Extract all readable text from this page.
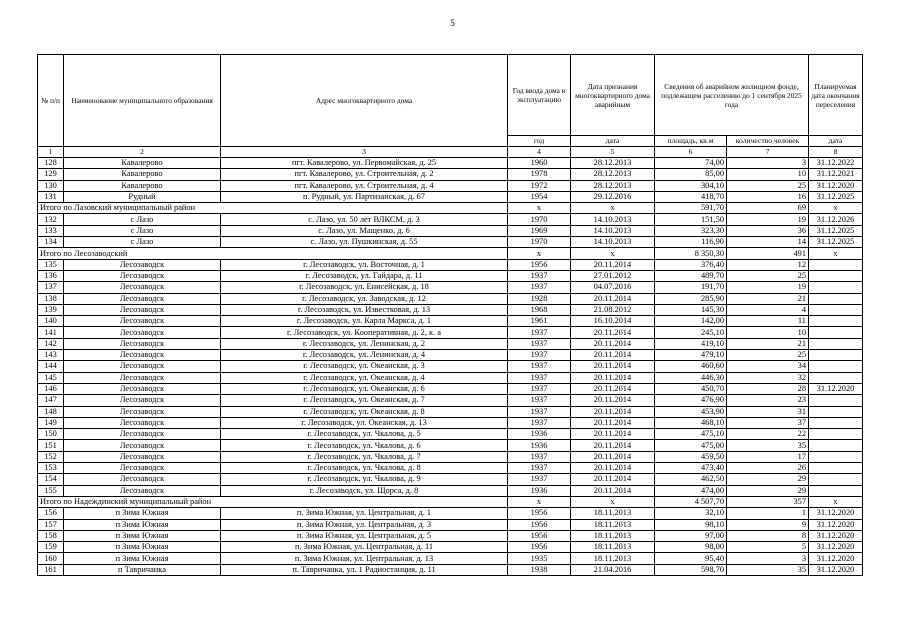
5
№ п/п	Наименование муниципального образования	Адрес многоквартирного дома	Год ввода дома в эксплуатацию	Дата признания многоквартирного дома аварийным	Сведения об аварийном жилищном фонде, подлежащем расселению до 1 сентября 2025 года		Планируемая дата окончания переселения
			год	дата	площадь, кв.м	количество человек	дата
1	2	3	4	5	6	7	8
128	Кавалерово	пгт. Кавалерово, ул. Первомайская, д. 25	1960	28.12.2013	74,00	3	31.12.2022
129	Кавалерово	пгт. Кавалерово, ул. Строительная, д. 2	1978	28.12.2013	85,00	10	31.12.2021
130	Кавалерово	пгт. Кавалерово, ул. Строительная, д. 4	1972	28.12.2013	304,10	25	31.12.2020
131	Рудный	п. Рудный, ул. Партизанская, д. 67	1954	29.12.2016	418,70	16	31.12.2025
Итого по Лазовский муниципальный район			x	x	591,70	69	x
132	с Лазо	с. Лазо, ул. 50 лет ВЛКСМ, д. 3	1970	14.10.2013	151,50	19	31.12.2026
133	с Лазо	с. Лазо, ул. Мащенко, д. 6	1969	14.10.2013	323,30	36	31.12.2025
134	с Лазо	с. Лазо, ул. Пушкинская, д. 55	1970	14.10.2013	116,90	14	31.12.2025
Итого по Лесозаводский			x	x	8 350,30	491	x
135	Лесозаводск	г. Лесозаводск, ул. Восточная, д. 1	1956	20.11.2014	376,40	12	
136	Лесозаводск	г. Лесозаводск, ул. Гайдара, д. 11	1937	27.01.2012	489,70	25	
137	Лесозаводск	г. Лесозаводск, ул. Енисейская, д. 18	1937	04.07.2016	191,70	19	
138	Лесозаводск	г. Лесозаводск, ул. Заводская, д. 12	1928	20.11.2014	285,90	21	
139	Лесозаводск	г. Лесозаводск, ул. Известковая, д. 13	1968	21.08.2012	145,30	4	
140	Лесозаводск	г. Лесозаводск, ул. Карла Маркса, д. 1	1961	16.10.2014	142,00	11	
141	Лесозаводск	г. Лесозаводск, ул. Кооперативная, д. 2, к. а	1937	20.11.2014	245,10	10	
142	Лесозаводск	г. Лесозаводск, ул. Ленинская, д. 2	1937	20.11.2014	419,10	21	
143	Лесозаводск	г. Лесозаводск, ул. Ленинская, д. 4	1937	20.11.2014	479,10	25	
144	Лесозаводск	г. Лесозаводск, ул. Океанская, д. 3	1937	20.11.2014	460,60	34	
145	Лесозаводск	г. Лесозаводск, ул. Океанская, д. 4	1937	20.11.2014	446,30	32	
146	Лесозаводск	г. Лесозаводск, ул. Океанская, д. 6	1937	20.11.2014	450,70	28	31.12.2020
147	Лесозаводск	г. Лесозаводск, ул. Океанская, д. 7	1937	20.11.2014	476,90	23	
148	Лесозаводск	г. Лесозаводск, ул. Океанская, д. 8	1937	20.11.2014	453,90	31	
149	Лесозаводск	г. Лесозаводск, ул. Океанская, д. 13	1937	20.11.2014	468,10	37	
150	Лесозаводск	г. Лесозаводск, ул. Чкалова, д. 5	1936	20.11.2014	475,10	22	
151	Лесозаводск	г. Лесозаводск, ул. Чкалова, д. 6	1936	20.11.2014	475,00	35	
152	Лесозаводск	г. Лесозаводск, ул. Чкалова, д. 7	1937	20.11.2014	459,50	17	
153	Лесозаводск	г. Лесозаводск, ул. Чкалова, д. 8	1937	20.11.2014	473,40	26	
154	Лесозаводск	г. Лесозаводск, ул. Чкалова, д. 9	1937	20.11.2014	462,50	29	
155	Лесозаводск	г. Лесозаводск, ул. Щорса, д. 8	1936	20.11.2014	474,00	29	
Итого по Надеждинский муниципальный район			x	x	4 507,70	357	x
156	п Зима Южная	п. Зима Южная, ул. Центральная, д. 1	1956	18.11.2013	32,10	1	31.12.2020
157	п Зима Южная	п. Зима Южная, ул. Центральная, д. 3	1956	18.11.2013	98,10	9	31.12.2020
158	п Зима Южная	п. Зима Южная, ул. Центральная, д. 5	1956	18.11.2013	97,00	8	31.12.2020
159	п Зима Южная	п. Зима Южная, ул. Центральная, д. 11	1956	18.11.2013	98,00	5	31.12.2020
160	п Зима Южная	п. Зима Южная, ул. Центральная, д. 13	1935	18.11.2013	95,40	3	31.12.2020
161	п Тавричанка	п. Тавричанка, ул. 1 Радиостанция, д. 11	1938	21.04.2016	598,70	35	31.12.2020
